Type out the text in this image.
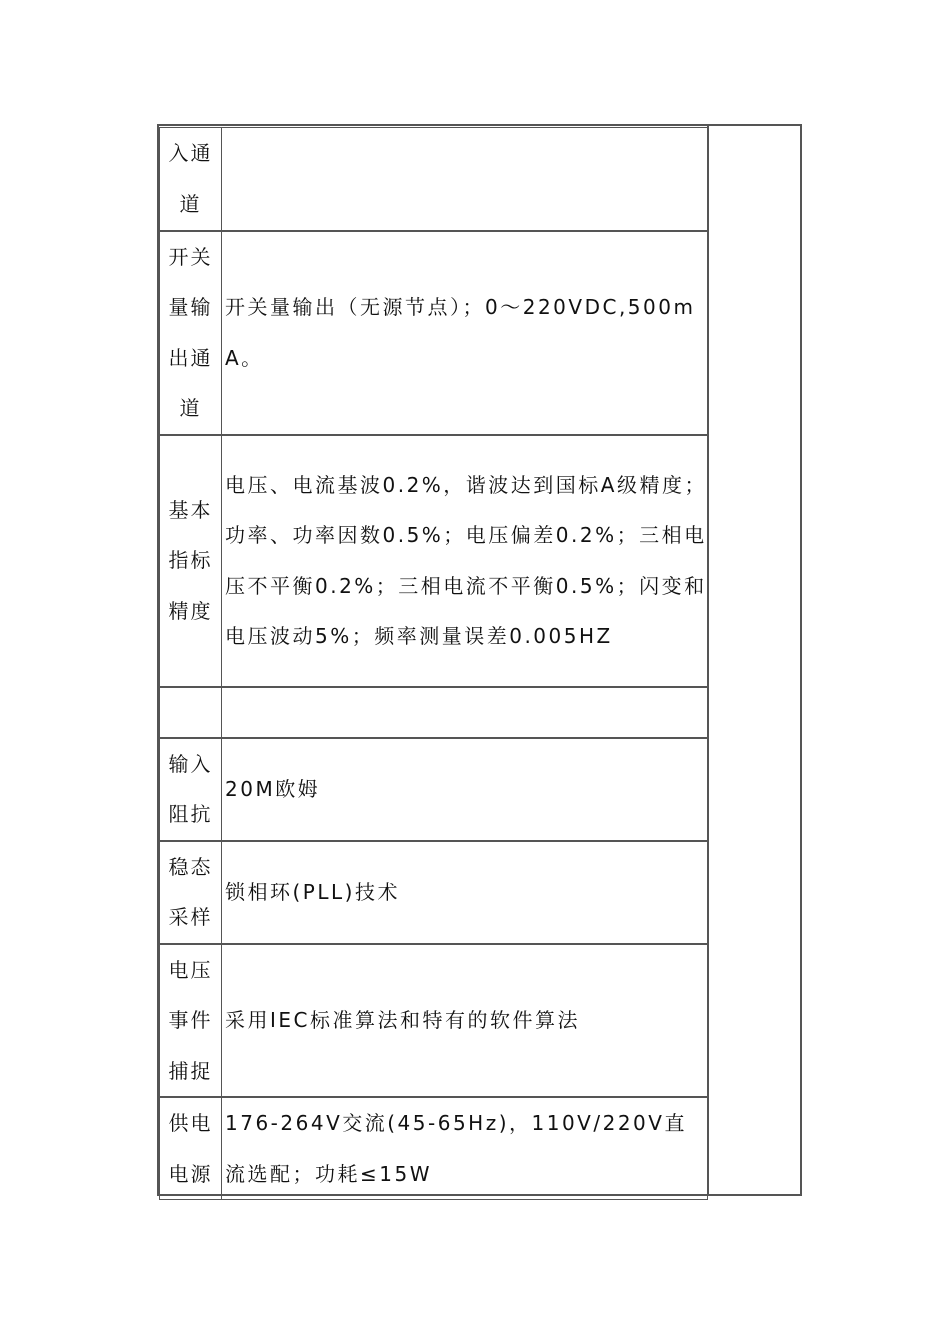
入通道	

开关量输出通道	开关量输出（无源节点）；0～220VDC,500mA。

基本指标精度	电压、电流基波0.2%，谐波达到国标A级精度；功率、功率因数0.5%；电压偏差0.2%；三相电压不平衡0.2%；三相电流不平衡0.5%；闪变和电压波动5%；频率测量误差0.005HZ

输入阻抗	20M欧姆

稳态采样	锁相环(PLL)技术

电压事件捕捉	采用IEC标准算法和特有的软件算法

供电电源	176-264V交流(45-65Hz)，110V/220V直流选配；功耗≤15W
